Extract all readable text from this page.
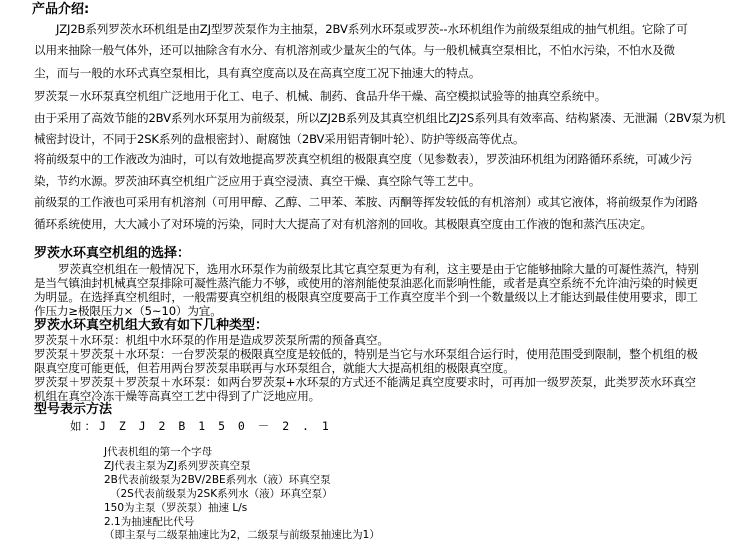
产品介绍:
JZJ2B系列罗茨水环机组是由ZJ型罗茨泵作为主抽泵，2BV系列水环泵或罗茨--水环机组作为前级泵组成的抽气机组。它除了可
以用来抽除一般气体外，还可以抽除含有水分、有机溶剂或少量灰尘的气体。与一般机械真空泵相比，不怕水污染，不怕水及微
尘，而与一般的水环式真空泵相比，具有真空度高以及在高真空度工况下抽速大的特点。
罗茨泵－水环泵真空机组广泛地用于化工、电子、机械、制药、食品升华干燥、高空模拟试验等的抽真空系统中。
由于采用了高效节能的2BV系列水环泵用为前级泵，所以ZJ2B系列及其真空机组比ZJ2S系列具有效率高、结构紧凑、无泄漏（2BV泵为机
械密封设计，不同于2SK系列的盘根密封）、耐腐蚀（2BV采用铝青铜叶轮）、防护等级高等优点。
将前级泵中的工作液改为油时，可以有效地提高罗茨真空机组的极限真空度（见参数表），罗茨油环机组为闭路循环系统，可减少污
染，节约水源。罗茨油环真空机组广泛应用于真空浸渍、真空干燥、真空除气等工艺中。
前级泵的工作液也可采用有机溶剂（可用甲醇、乙醇、二甲苯、苯胺、丙酮等挥发较低的有机溶剂）或其它液体，将前级泵作为闭路
循环系统使用，大大减小了对环境的污染，同时大大提高了对有机溶剂的回收。其极限真空度由工作液的饱和蒸汽压决定。
罗茨水环真空机组的选择：
罗茨真空机组在一般情况下，选用水环泵作为前级泵比其它真空泵更为有利，这主要是由于它能够抽除大量的可凝性蒸汽，特别
是当气镇油封机械真空泵排除可凝性蒸汽能力不够，或使用的溶剂能使泵油恶化而影响性能，或者是真空系统不允许油污染的时候更
为明显。在选择真空机组时，一般需要真空机组的极限真空度要高于工作真空度半个到一个数量级以上才能达到最佳使用要求，即工
作压力≥极限压力×（5~10）为宜。
罗茨水环真空机组大致有如下几种类型：
罗茨泵＋水环泵：机组中水环泵的作用是造成罗茨泵所需的预备真空。
罗茨泵＋罗茨泵＋水环泵：一台罗茨泵的极限真空度是较低的，特别是当它与水环泵组合运行时，使用范围受到限制，整个机组的极
限真空度可能更低，但若用两台罗茨泵串联再与水环泵组合，就能大大提高机组的极限真空度。
罗茨泵＋罗茨泵＋罗茨泵＋水环泵：如两台罗茨泵+水环泵的方式还不能满足真空度要求时，可再加一级罗茨泵，此类罗茨水环真空
机组在真空冷冻干燥等高真空工艺中得到了广泛地应用。
型号表示方法
如：J Z J 2 B 1 5 0 － 2 . 1
J代表机组的第一个字母
ZJ代表主泵为ZJ系列罗茨真空泵
2B代表前级泵为2BV/2BE系列水（液）环真空泵
（2S代表前级泵为2SK系列水（液）环真空泵）
150为主泵（罗茨泵）抽速 L/s
2.1为抽速配比代号
（即主泵与二级泵抽速比为2，二级泵与前级泵抽速比为1）
